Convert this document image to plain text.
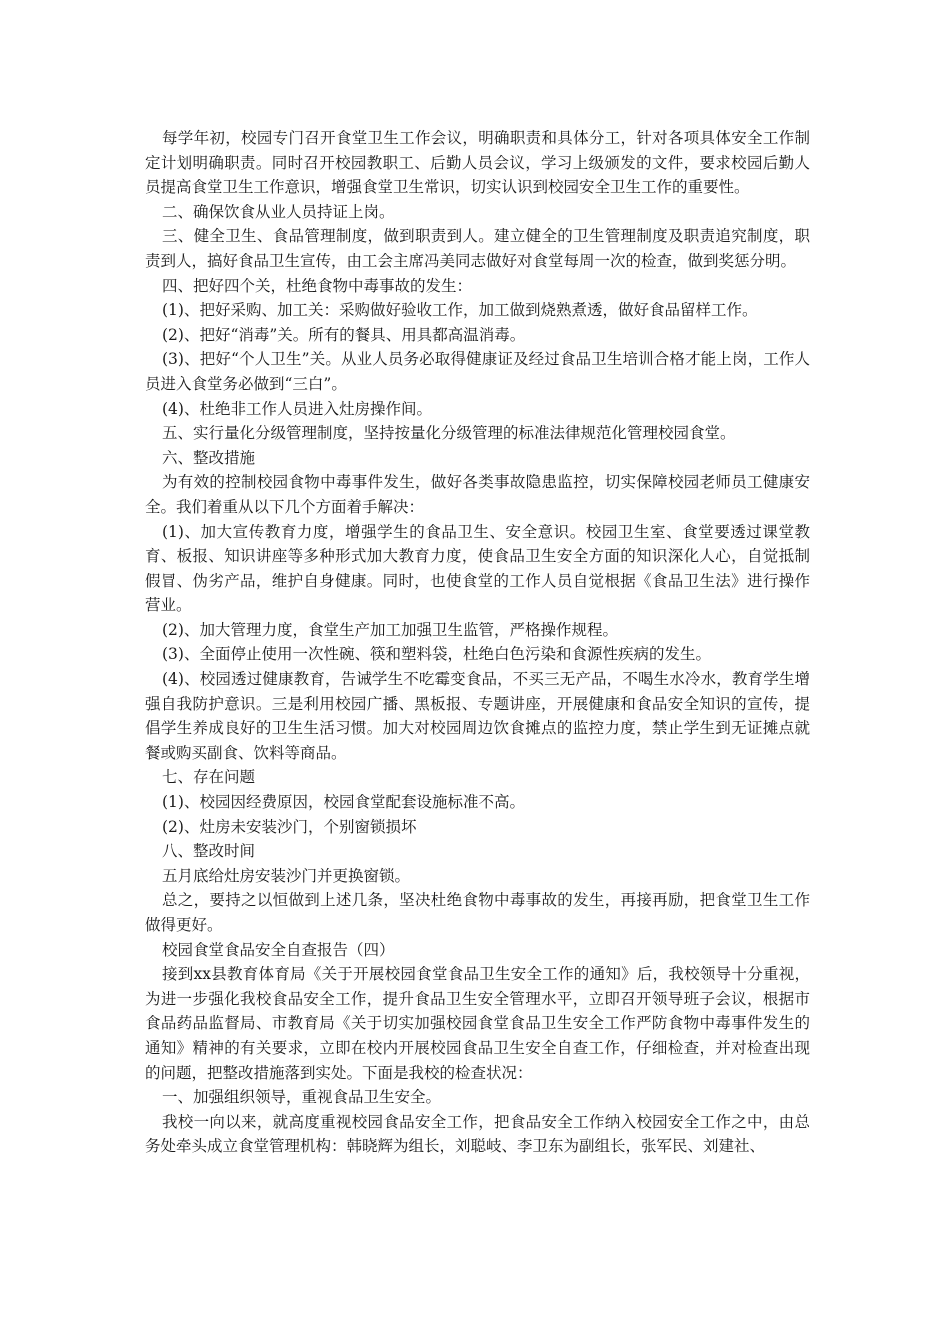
每学年初，校园专门召开食堂卫生工作会议，明确职责和具体分工，针对各项具体安全工作制定计划明确职责。同时召开校园教职工、后勤人员会议，学习上级颁发的文件，要求校园后勤人员提高食堂卫生工作意识，增强食堂卫生常识，切实认识到校园安全卫生工作的重要性。

二、确保饮食从业人员持证上岗。

三、健全卫生、食品管理制度，做到职责到人。建立健全的卫生管理制度及职责追究制度，职责到人，搞好食品卫生宣传，由工会主席冯美同志做好对食堂每周一次的检查，做到奖惩分明。

四、把好四个关，杜绝食物中毒事故的发生：

(1)、把好采购、加工关：采购做好验收工作，加工做到烧熟煮透，做好食品留样工作。

(2)、把好“消毒”关。所有的餐具、用具都高温消毒。

(3)、把好“个人卫生”关。从业人员务必取得健康证及经过食品卫生培训合格才能上岗，工作人员进入食堂务必做到“三白”。

(4)、杜绝非工作人员进入灶房操作间。

五、实行量化分级管理制度，坚持按量化分级管理的标准法律规范化管理校园食堂。

六、整改措施

为有效的控制校园食物中毒事件发生，做好各类事故隐患监控，切实保障校园老师员工健康安全。我们着重从以下几个方面着手解决：

(1)、加大宣传教育力度，增强学生的食品卫生、安全意识。校园卫生室、食堂要透过课堂教育、板报、知识讲座等多种形式加大教育力度，使食品卫生安全方面的知识深化人心，自觉抵制假冒、伪劣产品，维护自身健康。同时，也使食堂的工作人员自觉根据《食品卫生法》进行操作营业。

(2)、加大管理力度，食堂生产加工加强卫生监管，严格操作规程。

(3)、全面停止使用一次性碗、筷和塑料袋，杜绝白色污染和食源性疾病的发生。

(4)、校园透过健康教育，告诫学生不吃霉变食品，不买三无产品，不喝生水冷水，教育学生增强自我防护意识。三是利用校园广播、黑板报、专题讲座，开展健康和食品安全知识的宣传，提倡学生养成良好的卫生生活习惯。加大对校园周边饮食摊点的监控力度，禁止学生到无证摊点就餐或购买副食、饮料等商品。

七、存在问题

(1)、校园因经费原因，校园食堂配套设施标准不高。

(2)、灶房未安装沙门，个别窗锁损坏

八、整改时间

五月底给灶房安装沙门并更换窗锁。

总之，要持之以恒做到上述几条，坚决杜绝食物中毒事故的发生，再接再励，把食堂卫生工作做得更好。

校园食堂食品安全自查报告（四）

接到xx县教育体育局《关于开展校园食堂食品卫生安全工作的通知》后，我校领导十分重视，为进一步强化我校食品安全工作，提升食品卫生安全管理水平，立即召开领导班子会议，根据市食品药品监督局、市教育局《关于切实加强校园食堂食品卫生安全工作严防食物中毒事件发生的通知》精神的有关要求，立即在校内开展校园食品卫生安全自查工作，仔细检查，并对检查出现的问题，把整改措施落到实处。下面是我校的检查状况：

一、加强组织领导，重视食品卫生安全。

我校一向以来，就高度重视校园食品安全工作，把食品安全工作纳入校园安全工作之中，由总务处牵头成立食堂管理机构：韩晓辉为组长，刘聪岐、李卫东为副组长，张军民、刘建社、
